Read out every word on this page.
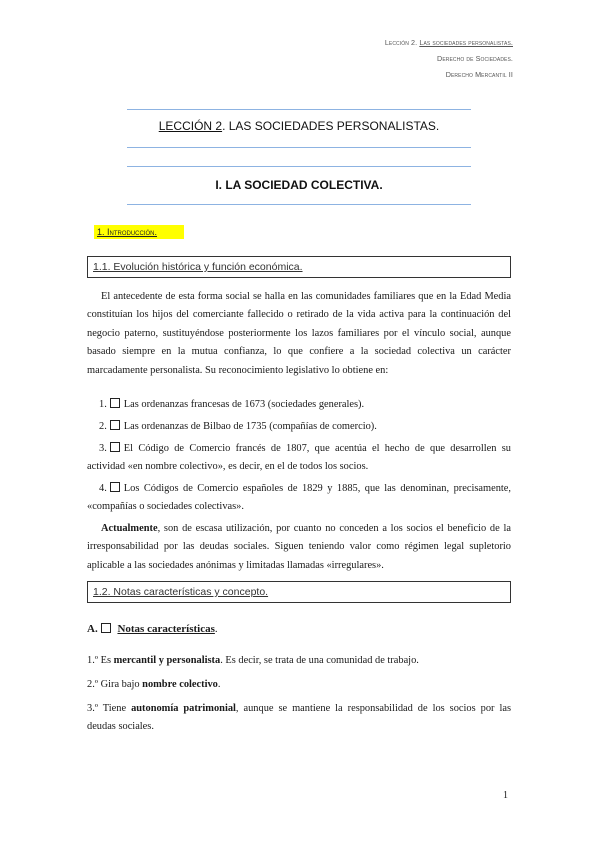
Lección 2. Las sociedades personalistas.
Derecho de Sociedades.
Derecho Mercantil II
LECCIÓN 2. LAS SOCIEDADES PERSONALISTAS.
I. LA SOCIEDAD COLECTIVA.
1. Introducción.
1.1. Evolución histórica y función económica.

El antecedente de esta forma social se halla en las comunidades familiares que en la Edad Media constituían los hijos del comerciante fallecido o retirado de la vida activa para la continuación del negocio paterno, sustituyéndose posteriormente los lazos familiares por el vínculo social, aunque basado siempre en la mutua confianza, lo que confiere a la sociedad colectiva un carácter marcadamente personalista. Su reconocimiento legislativo lo obtiene en:

1. Las ordenanzas francesas de 1673 (sociedades generales).

2. Las ordenanzas de Bilbao de 1735 (compañías de comercio).

3. El Código de Comercio francés de 1807, que acentúa el hecho de que desarrollen su actividad «en nombre colectivo», es decir, en el de todos los socios.

4. Los Códigos de Comercio españoles de 1829 y 1885, que las denominan, precisamente, «compañías o sociedades colectivas».

Actualmente, son de escasa utilización, por cuanto no conceden a los socios el beneficio de la irresponsabilidad por las deudas sociales. Siguen teniendo valor como régimen legal supletorio aplicable a las sociedades anónimas y limitadas llamadas «irregulares».

1.2. Notas características y concepto.
A. Notas características.

1.º Es mercantil y personalista. Es decir, se trata de una comunidad de trabajo.

2.º Gira bajo nombre colectivo.

3.º Tiene autonomía patrimonial, aunque se mantiene la responsabilidad de los socios por las deudas sociales.

1
